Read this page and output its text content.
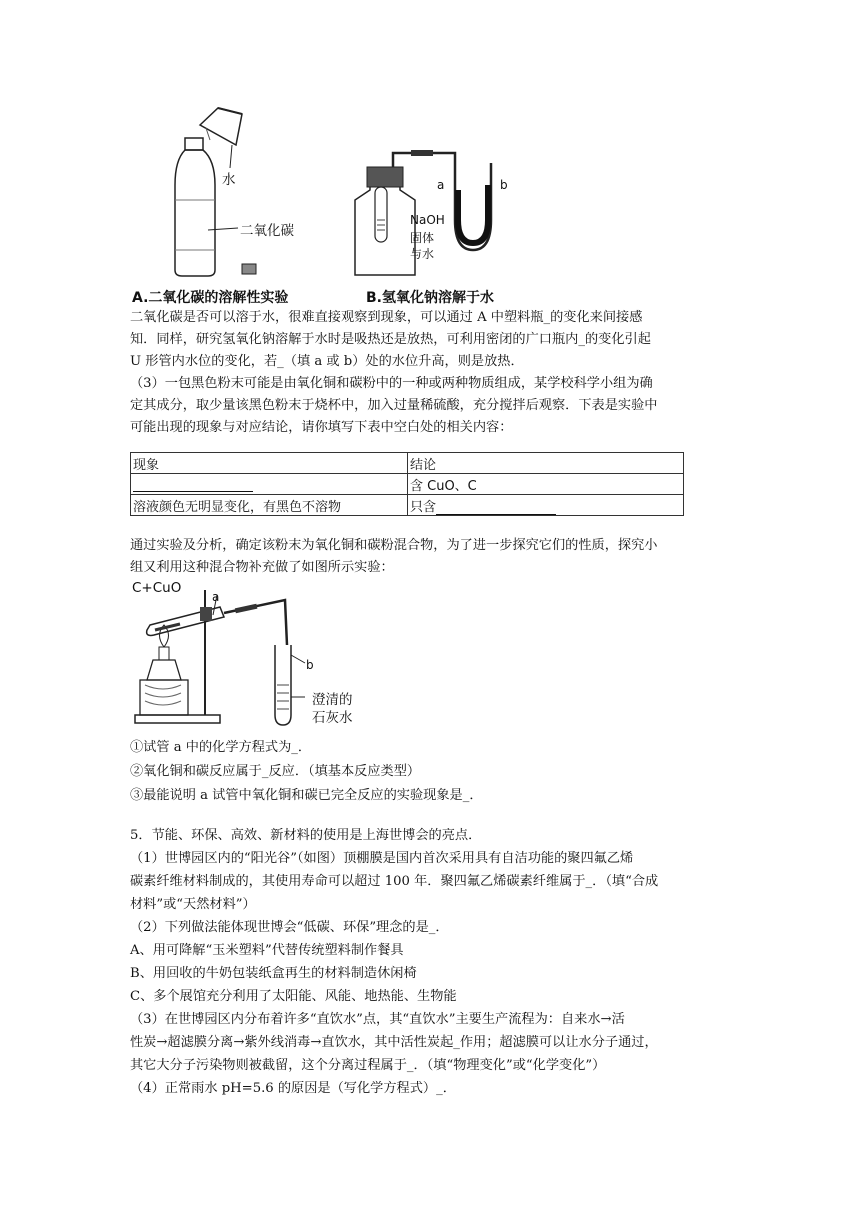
水
二氧化碳
A.二氧化碳的溶解性实验
a	b
NaOH
固体
与水
B.氢氧化钠溶解于水
二氧化碳是否可以溶于水，很难直接观察到现象，可以通过 A 中塑料瓶_的变化来间接感
知．同样，研究氢氧化钠溶解于水时是吸热还是放热，可利用密闭的广口瓶内_的变化引起
U 形管内水位的变化，若_（填 a 或 b）处的水位升高，则是放热．
（3）一包黑色粉末可能是由氧化铜和碳粉中的一种或两种物质组成，某学校科学小组为确
定其成分，取少量该黑色粉末于烧杯中，加入过量稀硫酸，充分搅拌后观察．下表是实验中
可能出现的现象与对应结论，请你填写下表中空白处的相关内容：
现象	结论
	含 CuO、C
溶液颜色无明显变化，有黑色不溶物	只含
通过实验及分析，确定该粉末为氧化铜和碳粉混合物，为了进一步探究它们的性质，探究小
组又利用这种混合物补充做了如图所示实验：
C+CuO
a
b
澄清的
石灰水
①试管 a 中的化学方程式为_．
②氧化铜和碳反应属于_反应．（填基本反应类型）
③最能说明 a 试管中氧化铜和碳已完全反应的实验现象是_．
5．节能、环保、高效、新材料的使用是上海世博会的亮点．
（1）世博园区内的“阳光谷”（如图）顶棚膜是国内首次采用具有自洁功能的聚四氟乙烯
碳素纤维材料制成的，其使用寿命可以超过 100 年．聚四氟乙烯碳素纤维属于_．（填“合成
材料”或“天然材料”）
（2）下列做法能体现世博会“低碳、环保”理念的是_．
A、用可降解“玉米塑料”代替传统塑料制作餐具
B、用回收的牛奶包装纸盒再生的材料制造休闲椅
C、多个展馆充分利用了太阳能、风能、地热能、生物能
（3）在世博园区内分布着许多“直饮水”点，其“直饮水”主要生产流程为：自来水→活
性炭→超滤膜分离→紫外线消毒→直饮水，其中活性炭起_作用；超滤膜可以让水分子通过，
其它大分子污染物则被截留，这个分离过程属于_．（填“物理变化”或“化学变化”）
（4）正常雨水 pH=5.6 的原因是（写化学方程式）_．
